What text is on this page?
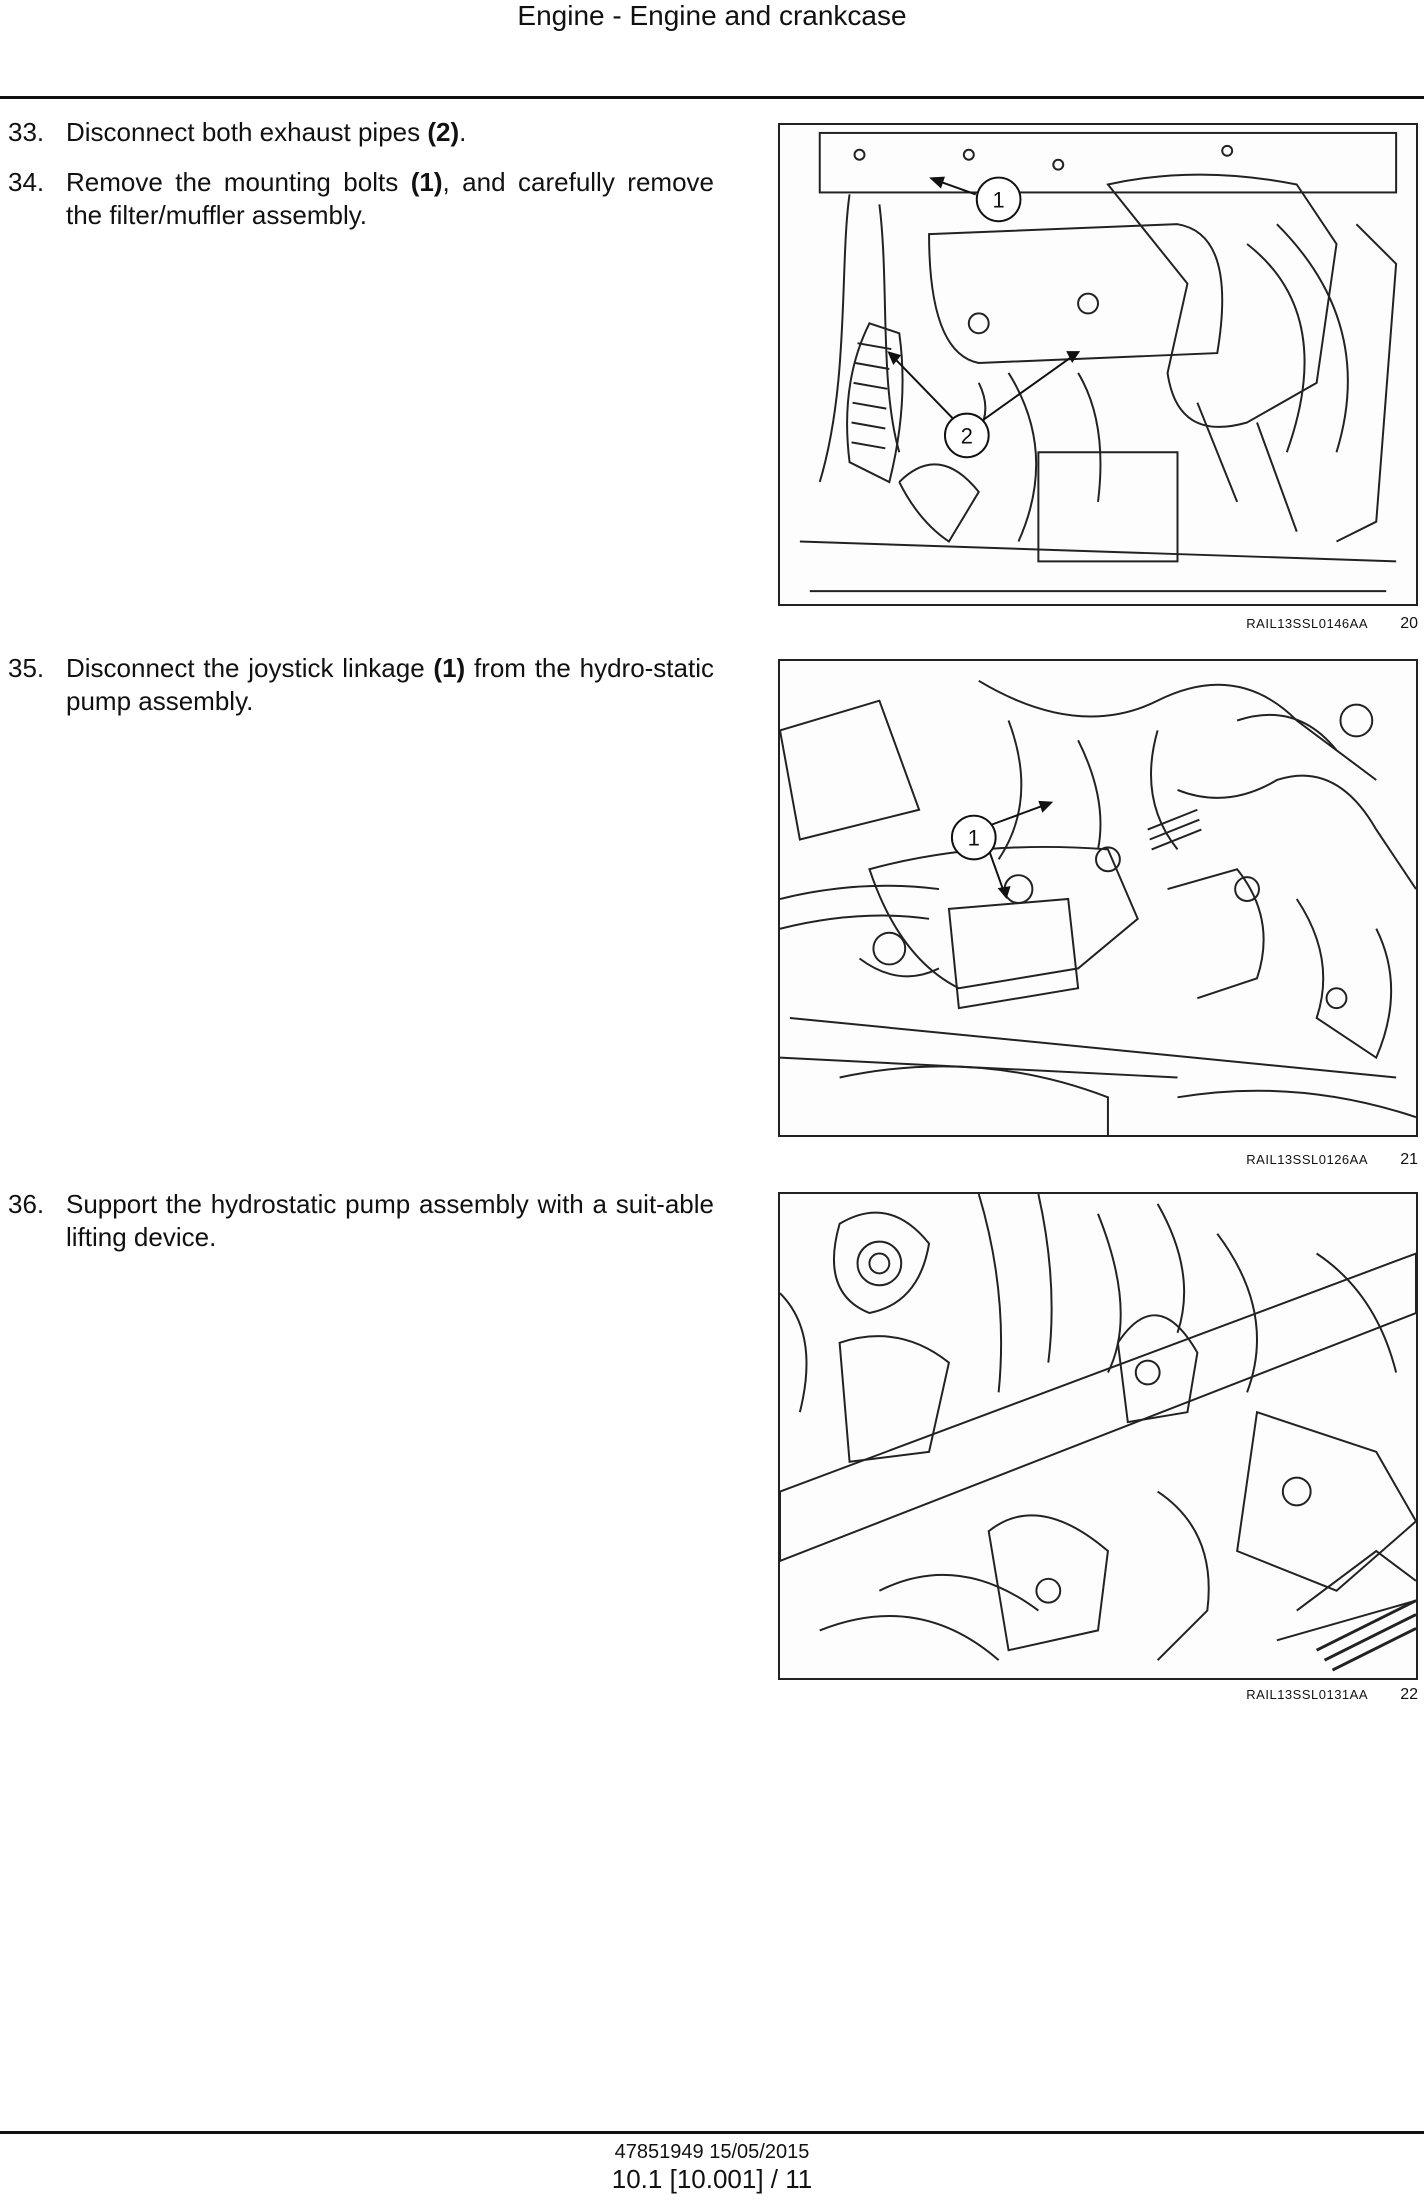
Engine - Engine and crankcase
33. Disconnect both exhaust pipes (2).
34. Remove the mounting bolts (1), and carefully remove the filter/muffler assembly.
1
2
RAIL13SSL0146AA 20
35. Disconnect the joystick linkage (1) from the hydro-static pump assembly.
1
RAIL13SSL0126AA 21
36. Support the hydrostatic pump assembly with a suit-able lifting device.
RAIL13SSL0131AA 22
47851949 15/05/2015
10.1 [10.001] / 11
